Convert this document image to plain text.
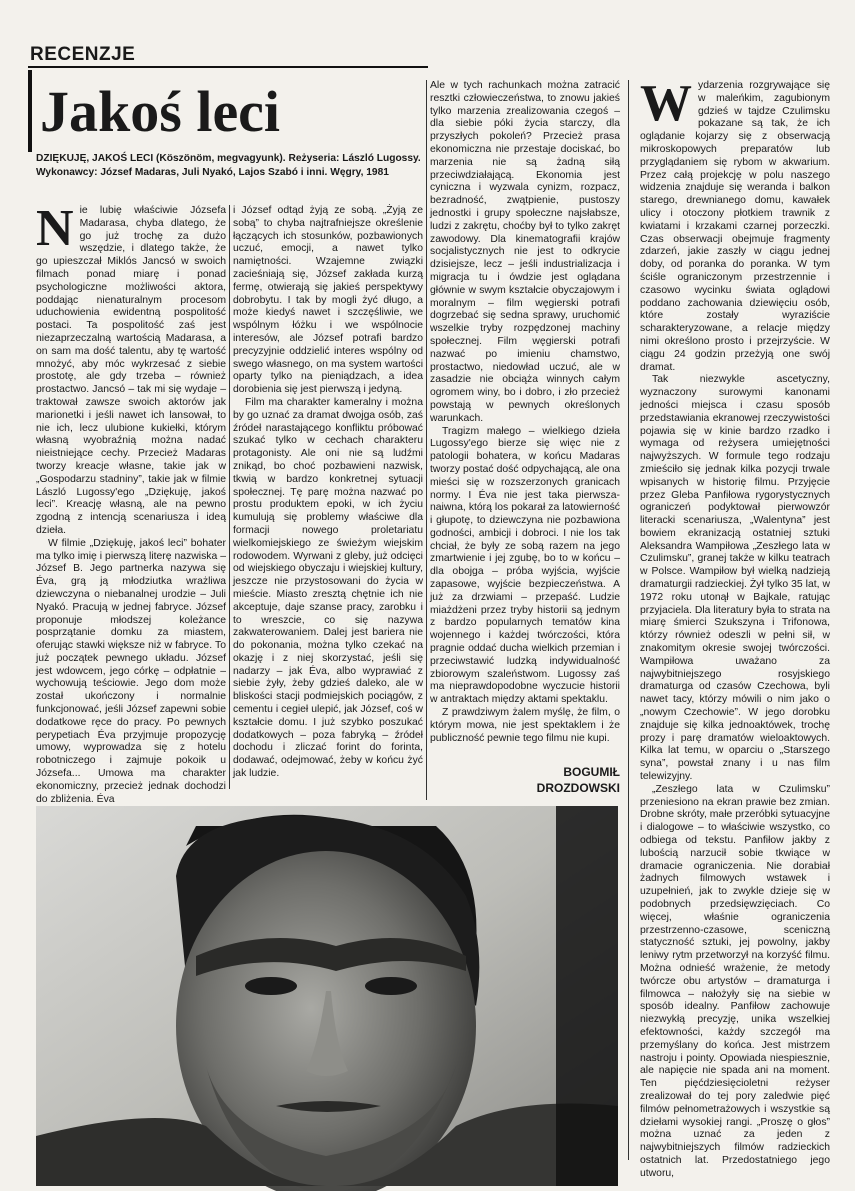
RECENZJE
Jakoś leci
DZIĘKUJĘ, JAKOŚ LECI (Köszönöm, megvagyunk). Reżyseria: László Lugossy. Wykonawcy: József Madaras, Juli Nyakó, Lajos Szabó i inni. Węgry, 1981
N ie lubię właściwie Józsefa Madarasa, chyba dlatego, że go już trochę za dużo wszędzie, i dlatego także, że go upieszczał Miklós Jancsó w swoich filmach ponad miarę i ponad psychologiczne możliwości aktora, poddając nienaturalnym procesom uduchowienia ewidentną pospolitość postaci. Ta pospolitość zaś jest niezaprzeczalną wartością Madarasa, a on sam ma dość talentu, aby tę wartość mnożyć, aby móc wykrzesać z siebie prostotę, ale gdy trzeba – również prostactwo. Jancsó – tak mi się wydaje – traktował zawsze swoich aktorów jak marionetki i jeśli nawet ich lansował, to nie ich, lecz ulubione kukiełki, którym własną wyobraźnią można nadać nieistniejące cechy. Przecież Madaras tworzy kreacje własne, takie jak w „Gospodarzu stadniny”, takie jak w filmie László Lugossy'ego „Dziękuję, jakoś leci”. Kreację własną, ale na pewno zgodną z intencją scenariusza i ideą dzieła.

W filmie „Dziękuję, jakoś leci” bohater ma tylko imię i pierwszą literę nazwiska – József B. Jego partnerka nazywa się Éva, grą ją młodziutka wrażliwa dziewczyna o niebanalnej urodzie – Juli Nyakó. Pracują w jednej fabryce. József proponuje młodszej koleżance posprzątanie domku za miastem, oferując stawki większe niż w fabryce. To już początek pewnego układu. József jest wdowcem, jego córkę – odpłatnie – wychowują teściowie. Jego dom może został ukończony i normalnie funkcjonować, jeśli József zapewni sobie dodatkowe ręce do pracy. Po pewnych perypetiach Éva przyjmuje propozycję umowy, wyprowadza się z hotelu robotniczego i zajmuje pokoik u Józsefa... Umowa ma charakter ekonomiczny, przecież jednak dochodzi do zbliżenia. Éva

i József odtąd żyją ze sobą. „Żyją ze sobą” to chyba najtrafniejsze określenie łączących ich stosunków, pozbawionych uczuć, emocji, a nawet tylko namiętności. Wzajemne związki zacieśniają się, József zakłada kurzą fermę, otwierają się jakieś perspektywy dobrobytu. I tak by mogli żyć długo, a może kiedyś nawet i szczęśliwie, we wspólnym łóżku i we wspólnocie interesów, ale József potrafi bardzo precyzyjnie oddzielić interes wspólny od swego własnego, on ma system wartości oparty tylko na pieniądzach, a idea dorobienia się jest pierwszą i jedyną.

Film ma charakter kameralny i można by go uznać za dramat dwojga osób, zaś źródeł narastającego konfliktu próbować szukać tylko w cechach charakteru protagonisty. Ale oni nie są ludźmi znikąd, bo choć pozbawieni nazwisk, tkwią w bardzo konkretnej sytuacji społecznej. Tę parę można nazwać po prostu produktem epoki, w ich życiu kumulują się problemy właściwe dla formacji nowego proletariatu wielkomiejskiego ze świeżym wiejskim rodowodem. Wyrwani z gleby, już odcięci od wiejskiego obyczaju i wiejskiej kultury, jeszcze nie przystosowani do życia w mieście. Miasto zresztą chętnie ich nie akceptuje, daje szanse pracy, zarobku i to wreszcie, co się nazywa zakwaterowaniem. Dalej jest bariera nie do pokonania, można tylko czekać na okazję i z niej skorzystać, jeśli się nadarzy – jak Éva, albo wyprawiać z siebie żyły, żeby gdzieś daleko, ale w bliskości stacji podmiejskich pociągów, z cementu i cegieł ulepić, jak József, coś w kształcie domu. I już szybko poszukać dodatkowych – poza fabryką – źródeł dochodu i zliczać forint do forinta, dodawać, odejmować, żeby w końcu żyć jak ludzie.

Ale w tych rachunkach można zatracić resztki człowieczeństwa, to znowu jakieś tylko marzenia zrealizowania czegoś – dla siebie póki życia starczy, dla przyszłych pokoleń? Przecież prasa ekonomiczna nie przestaje dociskać, bo marzenia nie są żadną siłą przeciwdziałającą. Ekonomia jest cyniczna i wyzwala cynizm, rozpacz, bezradność, zwątpienie, pustoszy jednostki i grupy społeczne najsłabsze, ludzi z zakrętu, choćby był to tylko zakręt zawodowy. Dla kinematografii krajów socjalistycznych nie jest to odkrycie dzisiejsze, lecz – jeśli industrializacja i migracja tu i ówdzie jest oglądana głównie w swym kształcie obyczajowym i moralnym – film węgierski potrafi dogrzebać się sedna sprawy, uruchomić wszelkie tryby rozpędzonej machiny społecznej. Film węgierski potrafi nazwać po imieniu chamstwo, prostactwo, niedowład uczuć, ale w zasadzie nie obciąża winnych całym ogromem winy, bo i dobro, i zło przecież powstają w pewnych określonych warunkach.

Tragizm małego – wielkiego dzieła Lugossy'ego bierze się więc nie z patologii bohatera, w końcu Madaras tworzy postać dość odpychającą, ale ona mieści się w rozszerzonych granicach normy. I Éva nie jest taka pierwsza-naiwna, którą los pokarał za latowierność i głupotę, to dziewczyna nie pozbawiona godności, ambicji i dobroci. I nie los tak chciał, że były ze sobą razem na jego zmartwienie i jej zgubę, bo to w końcu – dla obojga – próba wyjścia, wyjście zapasowe, wyjście bezpieczeństwa. A już za drzwiami – przepaść. Ludzie miażdżeni przez tryby historii są jednym z bardzo popularnych tematów kina wojennego i każdej twórczości, która pragnie oddać ducha wielkich przemian i przeciwstawić ludzką indywidualność zbiorowym szaleństwom. Lugossy zaś ma nieprawdopodobne wyczucie historii w antraktach między aktami spektaklu.

Z prawdziwym żalem myślę, że film, o którym mowa, nie jest spektaklem i że publiczność pewnie tego filmu nie kupi.

BOGUMIŁ
DROZDOWSKI
W ydarzenia rozgrywające się w maleńkim, zagubionym gdzieś w tajdze Czulimsku pokazane są tak, że ich oglądanie kojarzy się z obserwacją mikroskopowych preparatów lub przyglądaniem się rybom w akwarium. Przez całą projekcję w polu naszego widzenia znajduje się weranda i balkon starego, drewnianego domu, kawałek ulicy i otoczony płotkiem trawnik z kwiatami i krzakami czarnej porzeczki. Czas obserwacji obejmuje fragmenty zdarzeń, jakie zaszły w ciągu jednej doby, od poranka do poranka. W tym ściśle ograniczonym przestrzennie i czasowo wycinku świata oglądowi poddano zachowania dziewięciu osób, które zostały wyraziście scharakteryzowane, a relacje między nimi określono prosto i przejrzyście. W ciągu 24 godzin przeżyją one swój dramat.

Tak niezwykle ascetyczny, wyznaczony surowymi kanonami jedności miejsca i czasu sposób przedstawiania ekranowej rzeczywistości pojawia się w kinie bardzo rzadko i wymaga od reżysera umiejętności najwyższych. W formule tego rodzaju zmieściło się jednak kilka pozycji trwale wpisanych w historię filmu. Przyjęcie przez Gleba Panfiłowa rygorystycznych ograniczeń podyktował pierwowzór literacki scenariusza, „Walentyna” jest bowiem ekranizacją ostatniej sztuki Aleksandra Wampiłowa „Zeszłego lata w Czulimsku”, granej także w kilku teatrach w Polsce. Wampiłow był wielką nadzieją dramaturgii radzieckiej. Żył tylko 35 lat, w 1972 roku utonął w Bajkale, ratując przyjaciela. Dla literatury była to strata na miarę śmierci Szukszyna i Trifonowa, którzy również odeszli w pełni sił, w znakomitym okresie swojej twórczości. Wampiłowa uważano za najwybitniejszego rosyjskiego dramaturga od czasów Czechowa, byli nawet tacy, którzy mówili o nim jako o „nowym Czechowie”. W jego dorobku znajduje się kilka jednoaktówek, trochę prozy i parę dramatów wieloaktowych. Kilka lat temu, w oparciu o „Starszego syna”, powstał znany i u nas film telewizyjny.

„Zeszłego lata w Czulimsku” przeniesiono na ekran prawie bez zmian. Drobne skróty, małe przeróbki sytuacyjne i dialogowe – to właściwie wszystko, co odbiega od tekstu. Panfiłow jakby z lubością narzucił sobie tkwiące w dramacie ograniczenia. Nie dorabiał żadnych filmowych wstawek i uzupełnień, jak to zwykle dzieje się w podobnych przedsięwzięciach. Co więcej, właśnie ograniczenia przestrzenno-czasowe, sceniczną statyczność sztuki, jej powolny, jakby leniwy rytm przetworzył na korzyść filmu. Można odnieść wrażenie, że metody twórcze obu artystów – dramaturga i filmowca – nałożyły się na siebie w sposób idealny. Panfiłow zachowuje niezwykłą precyzję, unika wszelkiej efektowności, każdy szczegół ma przemyślany do końca. Jest mistrzem nastroju i pointy. Opowiada niespiesznie, ale napięcie nie spada ani na moment. Ten pięćdziesięcioletni reżyser zrealizował do tej pory zaledwie pięć filmów pełnometrażowych i wszystkie są dziełami wysokiej rangi. „Proszę o głos” można uznać za jeden z najwybitniejszych filmów radzieckich ostatnich lat. Przedostatniego jego utworu,
